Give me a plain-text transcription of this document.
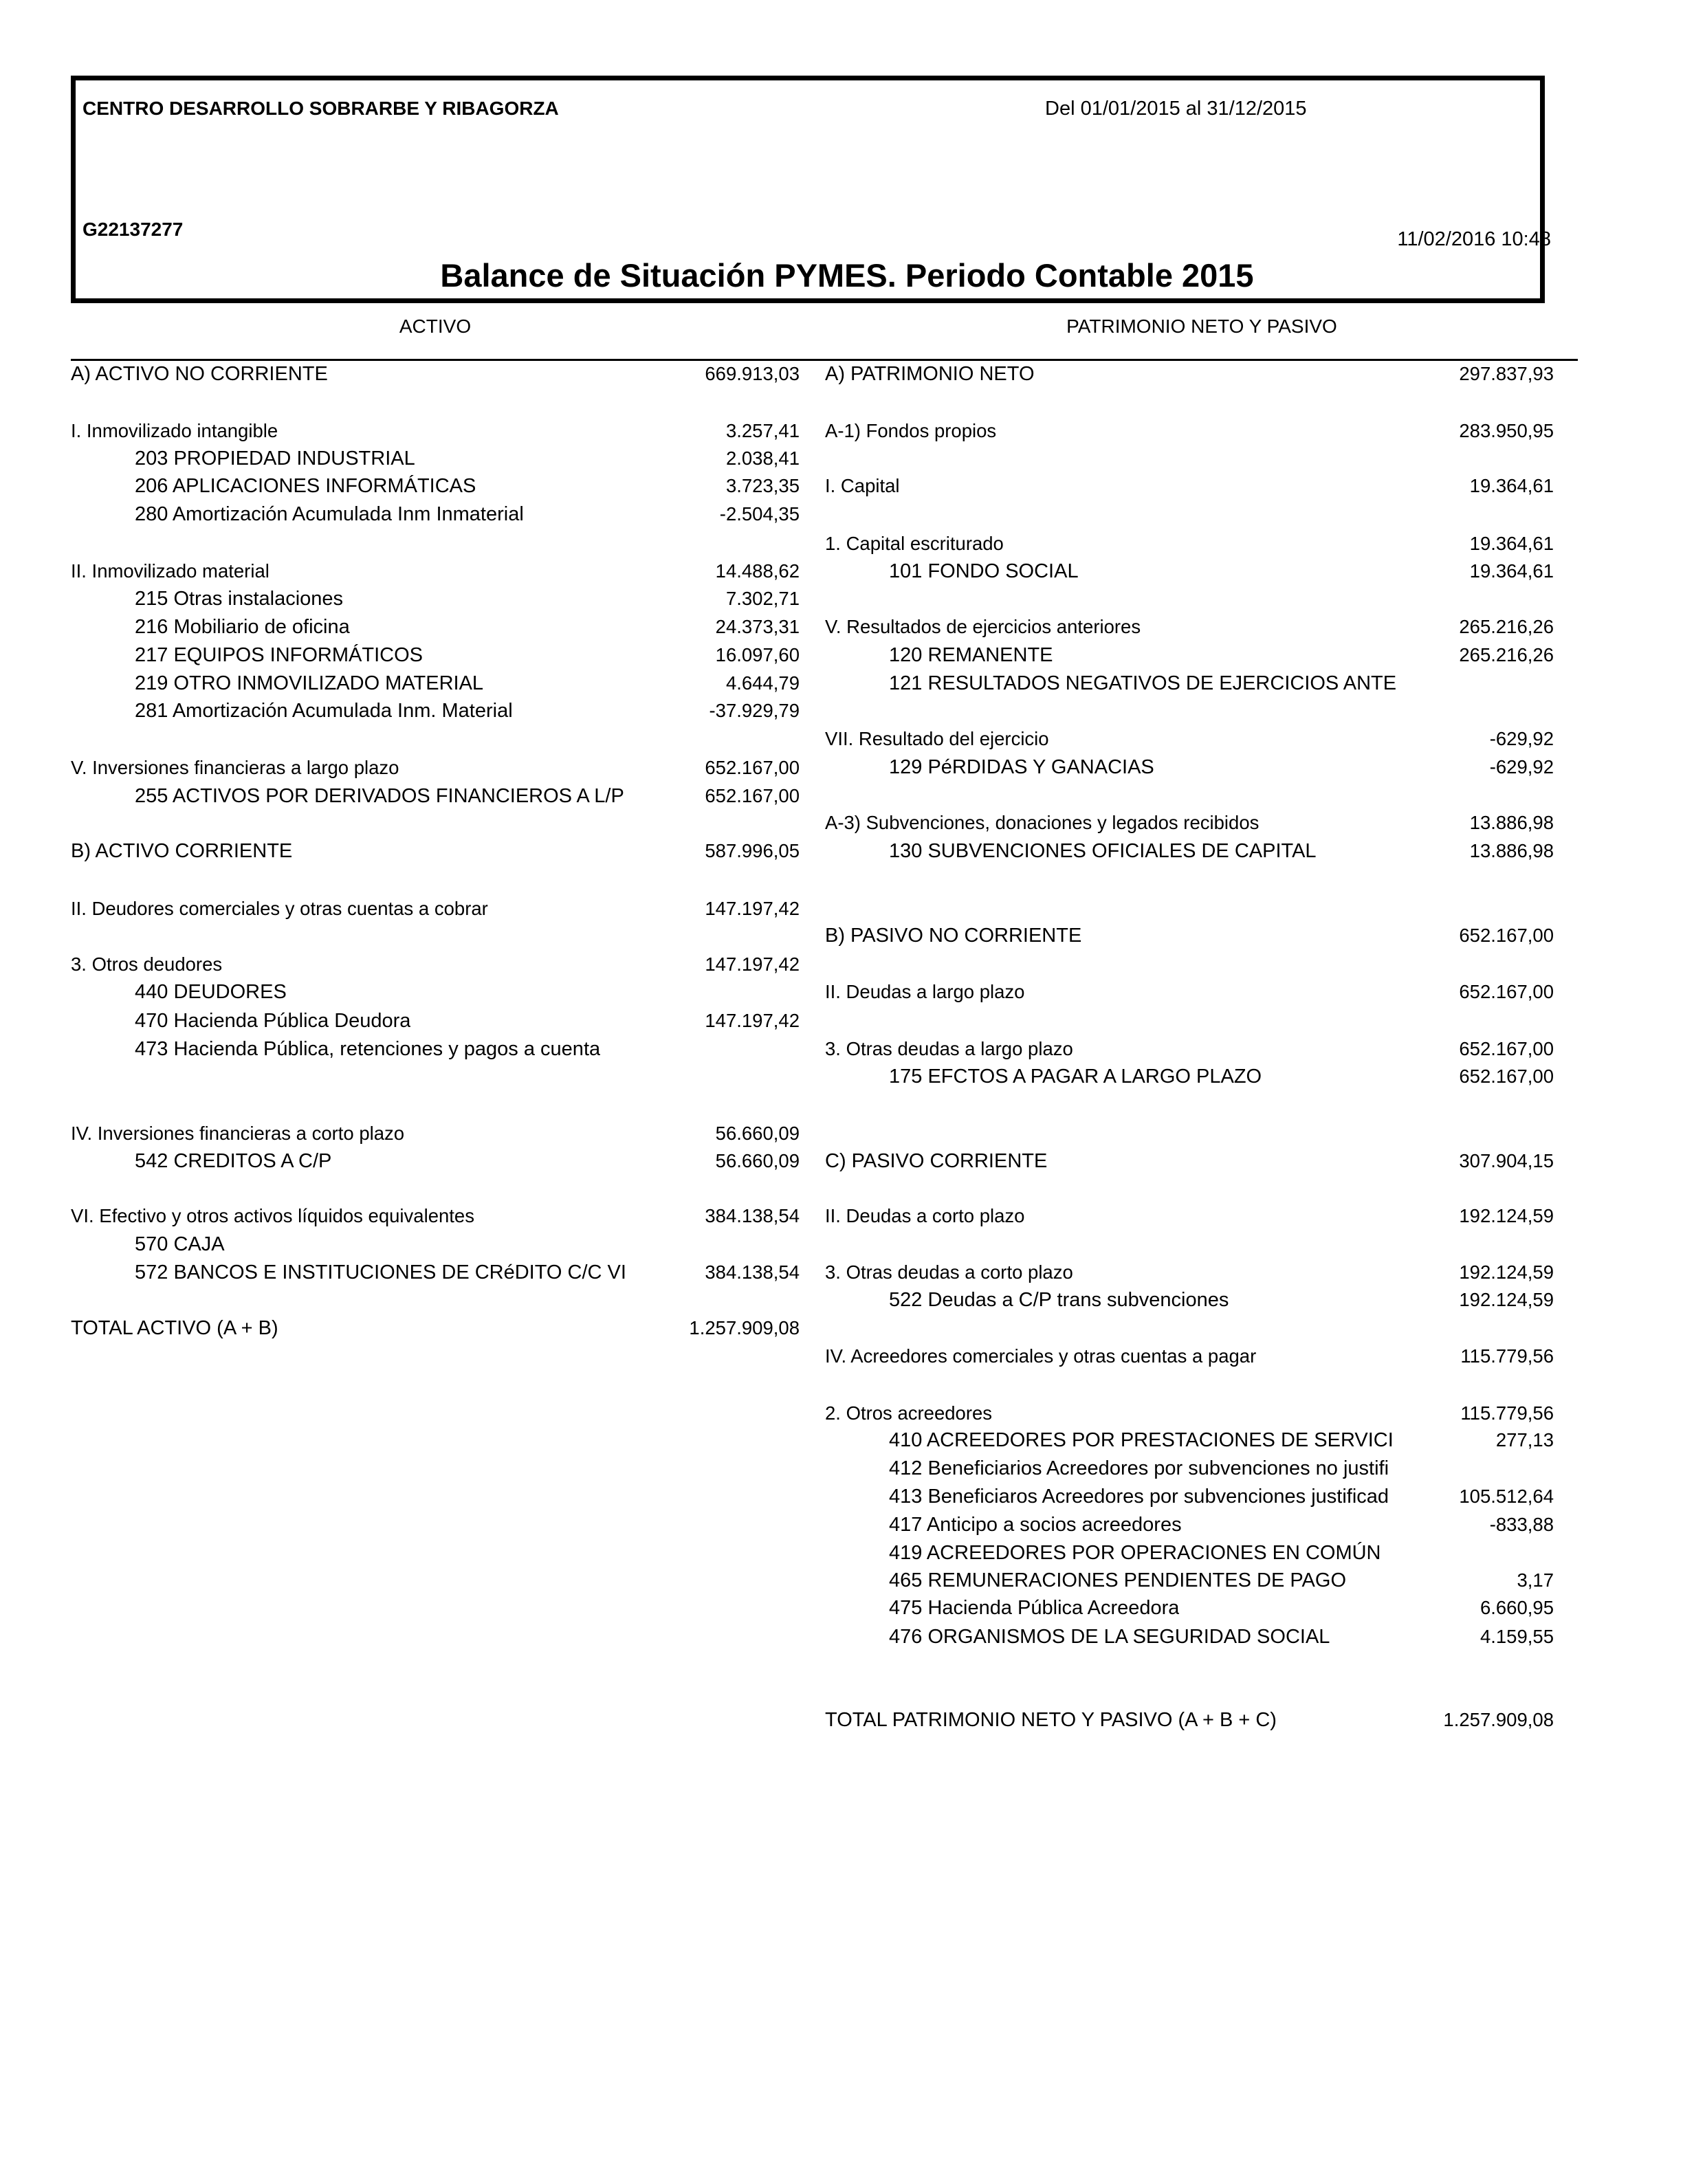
CENTRO DESARROLLO SOBRARBE Y RIBAGORZA	Del 01/01/2015 al 31/12/2015
G22137277	11/02/2016 10:48
Balance de Situación PYMES. Periodo Contable 2015
ACTIVO	PATRIMONIO NETO Y PASIVO
A) ACTIVO NO CORRIENTE	669.913,03
I. Inmovilizado intangible	3.257,41
203 PROPIEDAD INDUSTRIAL	2.038,41
206 APLICACIONES INFORMÁTICAS	3.723,35
280 Amortización Acumulada Inm Inmaterial	-2.504,35
II. Inmovilizado material	14.488,62
215 Otras instalaciones	7.302,71
216 Mobiliario de oficina	24.373,31
217 EQUIPOS INFORMÁTICOS	16.097,60
219 OTRO INMOVILIZADO MATERIAL	4.644,79
281 Amortización Acumulada Inm. Material	-37.929,79
V. Inversiones financieras a largo plazo	652.167,00
255 ACTIVOS POR DERIVADOS FINANCIEROS A L/P	652.167,00
B) ACTIVO CORRIENTE	587.996,05
II. Deudores comerciales y otras cuentas a cobrar	147.197,42
3. Otros deudores	147.197,42
440 DEUDORES
470 Hacienda Pública Deudora	147.197,42
473 Hacienda Pública, retenciones y pagos a cuenta
IV. Inversiones financieras a corto plazo	56.660,09
542 CREDITOS A C/P	56.660,09
VI. Efectivo y otros activos líquidos equivalentes	384.138,54
570 CAJA
572 BANCOS E INSTITUCIONES DE CRéDITO C/C VI	384.138,54
TOTAL ACTIVO (A + B)	1.257.909,08
A) PATRIMONIO NETO	297.837,93
A-1) Fondos propios	283.950,95
I. Capital	19.364,61
1. Capital escriturado	19.364,61
101 FONDO SOCIAL	19.364,61
V. Resultados de ejercicios anteriores	265.216,26
120 REMANENTE	265.216,26
121 RESULTADOS NEGATIVOS DE EJERCICIOS ANTE
VII. Resultado del ejercicio	-629,92
129 PéRDIDAS Y GANACIAS	-629,92
A-3) Subvenciones, donaciones y legados recibidos	13.886,98
130 SUBVENCIONES OFICIALES DE CAPITAL	13.886,98
B) PASIVO NO CORRIENTE	652.167,00
II. Deudas a largo plazo	652.167,00
3. Otras deudas a largo plazo	652.167,00
175 EFCTOS A PAGAR A LARGO PLAZO	652.167,00
C) PASIVO CORRIENTE	307.904,15
II. Deudas a corto plazo	192.124,59
3. Otras deudas a corto plazo	192.124,59
522 Deudas a C/P trans subvenciones	192.124,59
IV. Acreedores comerciales y otras cuentas a pagar	115.779,56
2. Otros acreedores	115.779,56
410 ACREEDORES POR PRESTACIONES DE SERVICI	277,13
412 Beneficiarios Acreedores por subvenciones no justifi
413 Beneficiaros Acreedores por subvenciones justificad	105.512,64
417 Anticipo a socios acreedores	-833,88
419 ACREEDORES POR OPERACIONES EN COMÚN
465 REMUNERACIONES PENDIENTES DE PAGO	3,17
475 Hacienda Pública Acreedora	6.660,95
476 ORGANISMOS DE LA SEGURIDAD SOCIAL	4.159,55
TOTAL PATRIMONIO NETO Y PASIVO (A + B + C)	1.257.909,08
